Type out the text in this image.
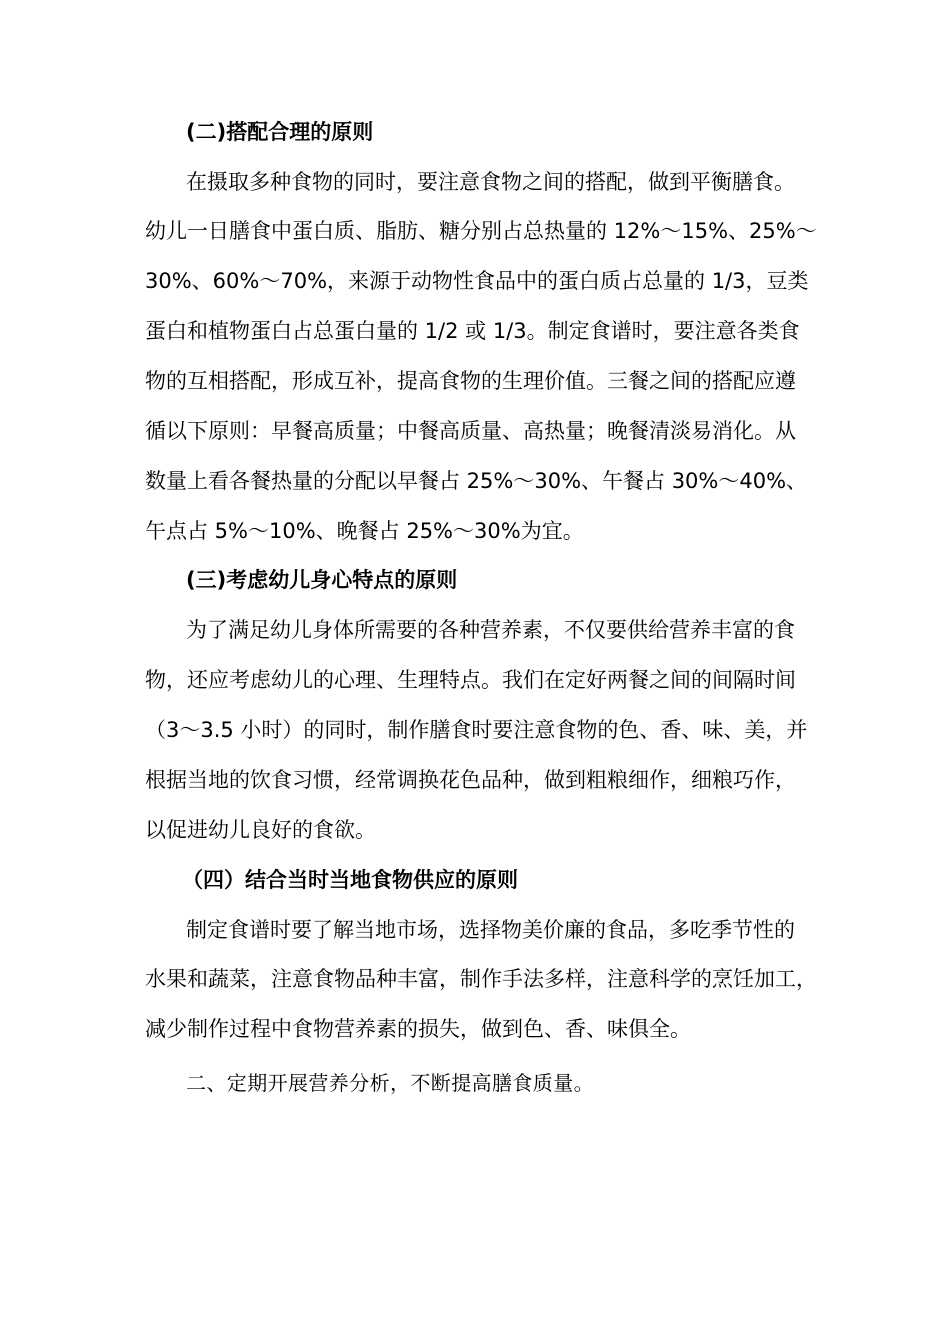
(二)搭配合理的原则
在摄取多种食物的同时，要注意食物之间的搭配，做到平衡膳食。
幼儿一日膳食中蛋白质、脂肪、糖分别占总热量的 12%～15%、25%～
30%、60%～70%，来源于动物性食品中的蛋白质占总量的 1/3，豆类
蛋白和植物蛋白占总蛋白量的 1/2 或 1/3。制定食谱时，要注意各类食
物的互相搭配，形成互补，提高食物的生理价值。三餐之间的搭配应遵
循以下原则：早餐高质量；中餐高质量、高热量；晚餐清淡易消化。从
数量上看各餐热量的分配以早餐占 25%～30%、午餐占 30%～40%、
午点占 5%～10%、晚餐占 25%～30%为宜。
(三)考虑幼儿身心特点的原则
为了满足幼儿身体所需要的各种营养素，不仅要供给营养丰富的食
物，还应考虑幼儿的心理、生理特点。我们在定好两餐之间的间隔时间
（3～3.5 小时）的同时，制作膳食时要注意食物的色、香、味、美，并
根据当地的饮食习惯，经常调换花色品种，做到粗粮细作，细粮巧作，
以促进幼儿良好的食欲。
（四）结合当时当地食物供应的原则
制定食谱时要了解当地市场，选择物美价廉的食品，多吃季节性的
水果和蔬菜，注意食物品种丰富，制作手法多样，注意科学的烹饪加工，
减少制作过程中食物营养素的损失，做到色、香、味俱全。
二、定期开展营养分析，不断提高膳食质量。
